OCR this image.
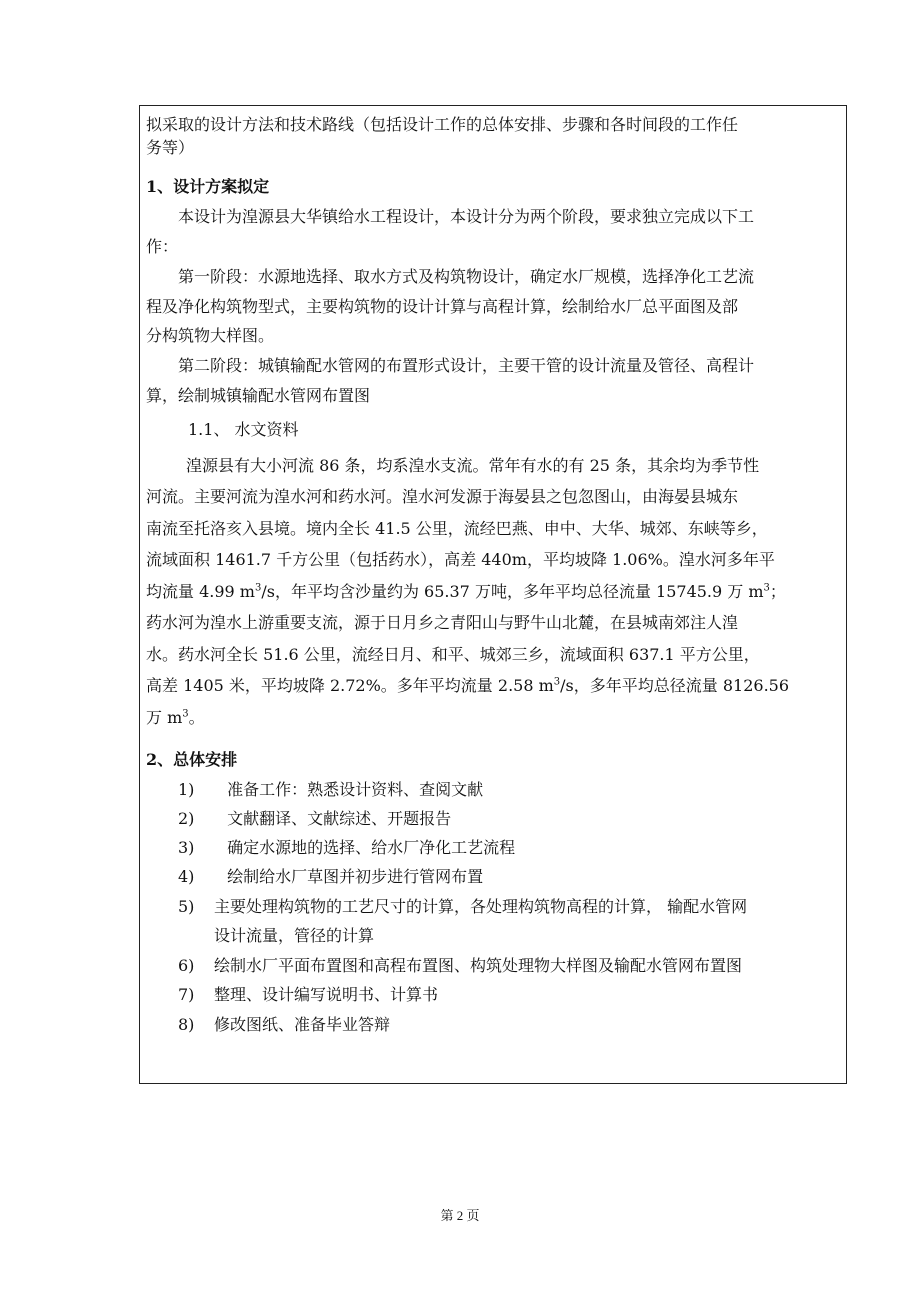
拟采取的设计方法和技术路线（包括设计工作的总体安排、步骤和各时间段的工作任
务等）
1、设计方案拟定
本设计为湟源县大华镇给水工程设计，本设计分为两个阶段，要求独立完成以下工
作：
第一阶段：水源地选择、取水方式及构筑物设计，确定水厂规模，选择净化工艺流
程及净化构筑物型式，主要构筑物的设计计算与高程计算，绘制给水厂总平面图及部
分构筑物大样图。
第二阶段：城镇输配水管网的布置形式设计，主要干管的设计流量及管径、高程计
算，绘制城镇输配水管网布置图
1.1、 水文资料
湟源县有大小河流 86 条，均系湟水支流。常年有水的有 25 条，其余均为季节性
河流。主要河流为湟水河和药水河。湟水河发源于海晏县之包忽图山，由海晏县城东
南流至托洛亥入县境。境内全长 41.5 公里，流经巴燕、申中、大华、城郊、东峡等乡，
流域面积 1461.7 千方公里（包括药水），高差 440m，平均坡降 1.06%。湟水河多年平
均流量 4.99 $m^3/s$，年平均含沙量约为 65.37 万吨，多年平均总径流量 15745.9 万 $m^3$；
药水河为湟水上游重要支流，源于日月乡之青阳山与野牛山北麓，在县城南郊注人湟
水。药水河全长 51.6 公里，流经日月、和平、城郊三乡，流域面积 637.1 平方公里，
高差 1405 米，平均坡降 2.72%。多年平均流量 2.58 $m^3/s$，多年平均总径流量 8126.56
万 $m^3$。
2、总体安排
1) 准备工作：熟悉设计资料、查阅文献
2) 文献翻译、文献综述、开题报告
3) 确定水源地的选择、给水厂净化工艺流程
4) 绘制给水厂草图并初步进行管网布置
5) 主要处理构筑物的工艺尺寸的计算，各处理构筑物高程的计算， 输配水管网
设计流量，管径的计算
6) 绘制水厂平面布置图和高程布置图、构筑处理物大样图及输配水管网布置图
7) 整理、设计编写说明书、计算书
8) 修改图纸、准备毕业答辩
第 2 页
